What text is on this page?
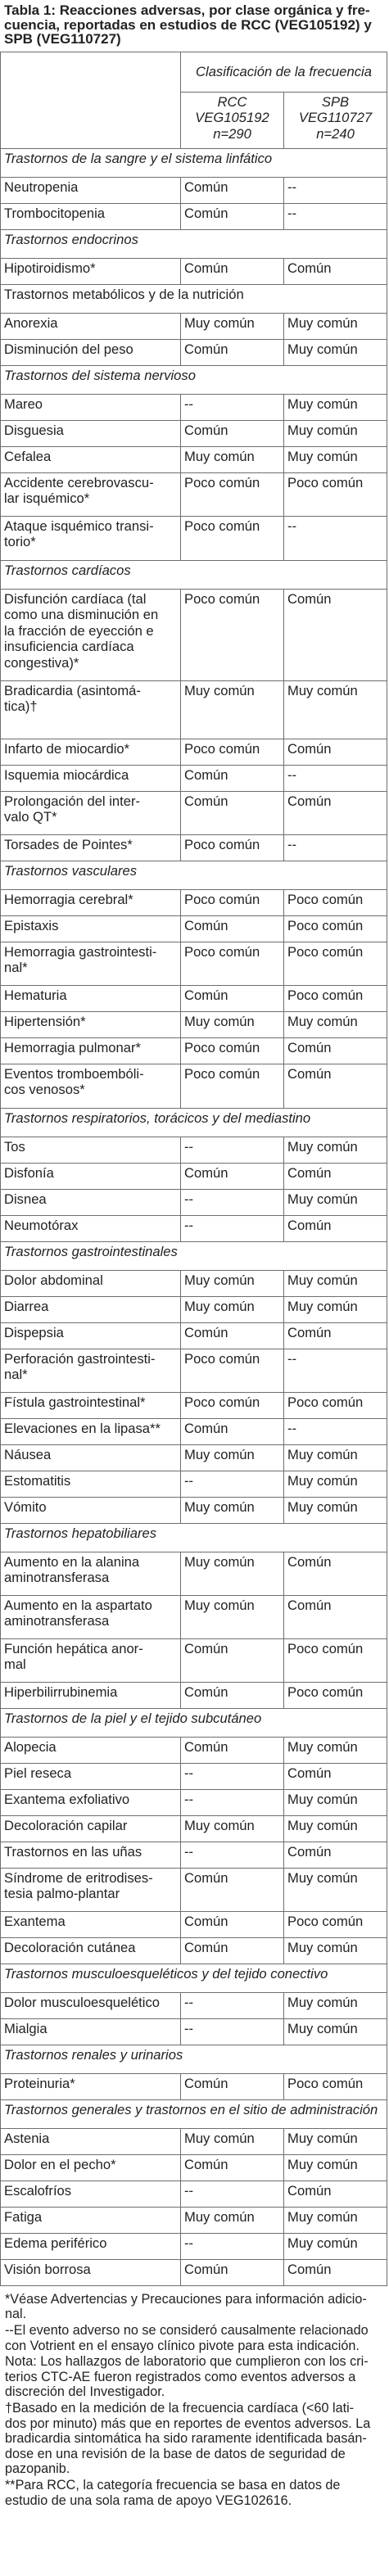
Tabla 1: Reacciones adversas, por clase orgánica y fre-
cuencia, reportadas en estudios de RCC (VEG105192) y
SPB (VEG110727)
	Clasificación de la frecuencia	

	RCC
VEG105192
n=290	SPB
VEG110727
n=240

Trastornos de la sangre y el sistema linfático		

Neutropenia	Común	--

Trombocitopenia	Común	--
Trastornos endocrinos		

Hipotiroidismo*	Común	Común
Trastornos metabólicos y de la nutrición		

Anorexia	Muy común	Muy común

Disminución del peso	Común	Muy común
Trastornos del sistema nervioso		

Mareo	--	Muy común

Disguesia	Común	Muy común

Cefalea	Muy común	Muy común

Accidente cerebrovascu-
lar isquémico*	Poco común	Poco común

Ataque isquémico transi-
torio*	Poco común	--
Trastornos cardíacos		

Disfunción cardíaca (tal
como una disminución en
la fracción de eyección e
insuficiencia cardíaca
congestiva)*	Poco común	Común

Bradicardia (asintomá-
tica)†	Muy común	Muy común

Infarto de miocardio*	Poco común	Común

Isquemia miocárdica	Común	--

Prolongación del inter-
valo QT*	Común	Común

Torsades de Pointes*	Poco común	--
Trastornos vasculares		

Hemorragia cerebral*	Poco común	Poco común

Epistaxis	Común	Poco común

Hemorragia gastrointesti-
nal*	Poco común	Poco común

Hematuria	Común	Poco común

Hipertensión*	Muy común	Muy común

Hemorragia pulmonar*	Poco común	Común

Eventos tromboembóli-
cos venosos*	Poco común	Común
Trastornos respiratorios, torácicos y del mediastino		

Tos	--	Muy común

Disfonía	Común	Común

Disnea	--	Muy común

Neumotórax	--	Común
Trastornos gastrointestinales		

Dolor abdominal	Muy común	Muy común

Diarrea	Muy común	Muy común

Dispepsia	Común	Común

Perforación gastrointesti-
nal*	Poco común	--

Fístula gastrointestinal*	Poco común	Poco común

Elevaciones en la lipasa**	Común	--

Náusea	Muy común	Muy común

Estomatitis	--	Muy común

Vómito	Muy común	Muy común
Trastornos hepatobiliares		

Aumento en la alanina
aminotransferasa	Muy común	Común

Aumento en la aspartato
aminotransferasa	Muy común	Común

Función hepática anor-
mal	Común	Poco común

Hiperbilirrubinemia	Común	Poco común
Trastornos de la piel y el tejido subcutáneo		

Alopecia	Común	Muy común

Piel reseca	--	Común

Exantema exfoliativo	--	Muy común

Decoloración capilar	Muy común	Muy común

Trastornos en las uñas	--	Común

Síndrome de eritrodises-
tesia palmo-plantar	Común	Muy común

Exantema	Común	Poco común

Decoloración cutánea	Común	Muy común
Trastornos musculoesqueléticos y del tejido conectivo		

Dolor musculoesquelético	--	Muy común

Mialgia	--	Muy común
Trastornos renales y urinarios		

Proteinuria*	Común	Poco común
Trastornos generales y trastornos en el sitio de administración		

Astenia	Muy común	Muy común

Dolor en el pecho*	Común	Muy común

Escalofríos	--	Común

Fatiga	Muy común	Muy común

Edema periférico	--	Muy común

Visión borrosa	Común	Común

*Véase Advertencias y Precauciones para información adicio-
nal.

--El evento adverso no se consideró causalmente relacionado
con Votrient en el ensayo clínico pivote para esta indicación.

Nota: Los hallazgos de laboratorio que cumplieron con los cri-
terios CTC-AE fueron registrados como eventos adversos a
discreción del Investigador.

†Basado en la medición de la frecuencia cardíaca (<60 lati-
dos por minuto) más que en reportes de eventos adversos. La
bradicardia sintomática ha sido raramente identificada basán-
dose en una revisión de la base de datos de seguridad de
pazopanib.

**Para RCC, la categoría frecuencia se basa en datos de
estudio de una sola rama de apoyo VEG102616.
